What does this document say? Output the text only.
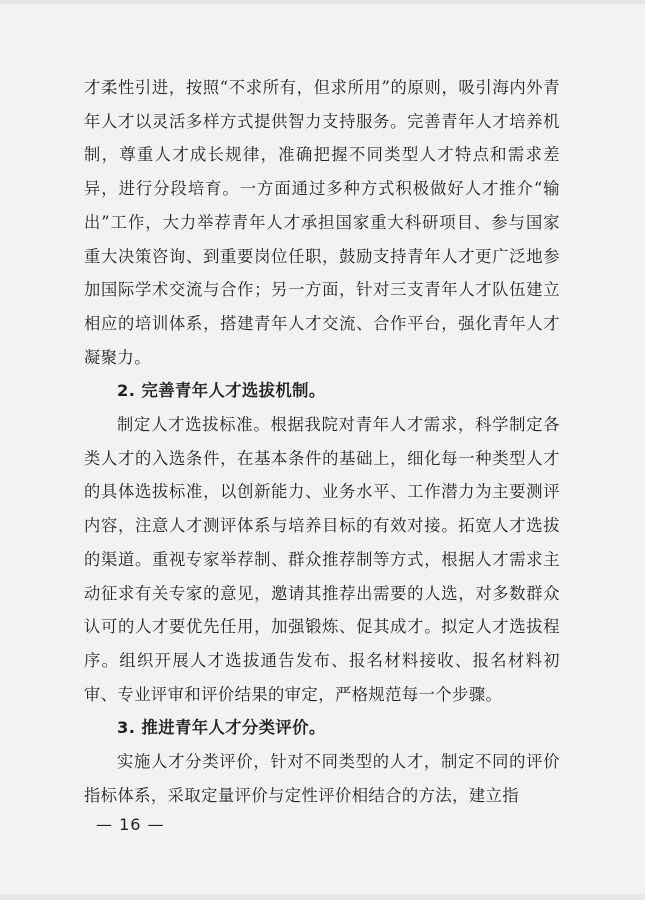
才柔性引进，按照“不求所有，但求所用”的原则，吸引海内外青年人才以灵活多样方式提供智力支持服务。完善青年人才培养机制，尊重人才成长规律，准确把握不同类型人才特点和需求差异，进行分段培育。一方面通过多种方式积极做好人才推介“输出”工作，大力举荐青年人才承担国家重大科研项目、参与国家重大决策咨询、到重要岗位任职，鼓励支持青年人才更广泛地参加国际学术交流与合作；另一方面，针对三支青年人才队伍建立相应的培训体系，搭建青年人才交流、合作平台，强化青年人才凝聚力。

2. 完善青年人才选拔机制。

制定人才选拔标准。根据我院对青年人才需求，科学制定各类人才的入选条件，在基本条件的基础上，细化每一种类型人才的具体选拔标准，以创新能力、业务水平、工作潜力为主要测评内容，注意人才测评体系与培养目标的有效对接。拓宽人才选拔的渠道。重视专家举荐制、群众推荐制等方式，根据人才需求主动征求有关专家的意见，邀请其推荐出需要的人选，对多数群众认可的人才要优先任用，加强锻炼、促其成才。拟定人才选拔程序。组织开展人才选拔通告发布、报名材料接收、报名材料初审、专业评审和评价结果的审定，严格规范每一个步骤。

3. 推进青年人才分类评价。

实施人才分类评价，针对不同类型的人才，制定不同的评价指标体系，采取定量评价与定性评价相结合的方法，建立指

— 16 —
